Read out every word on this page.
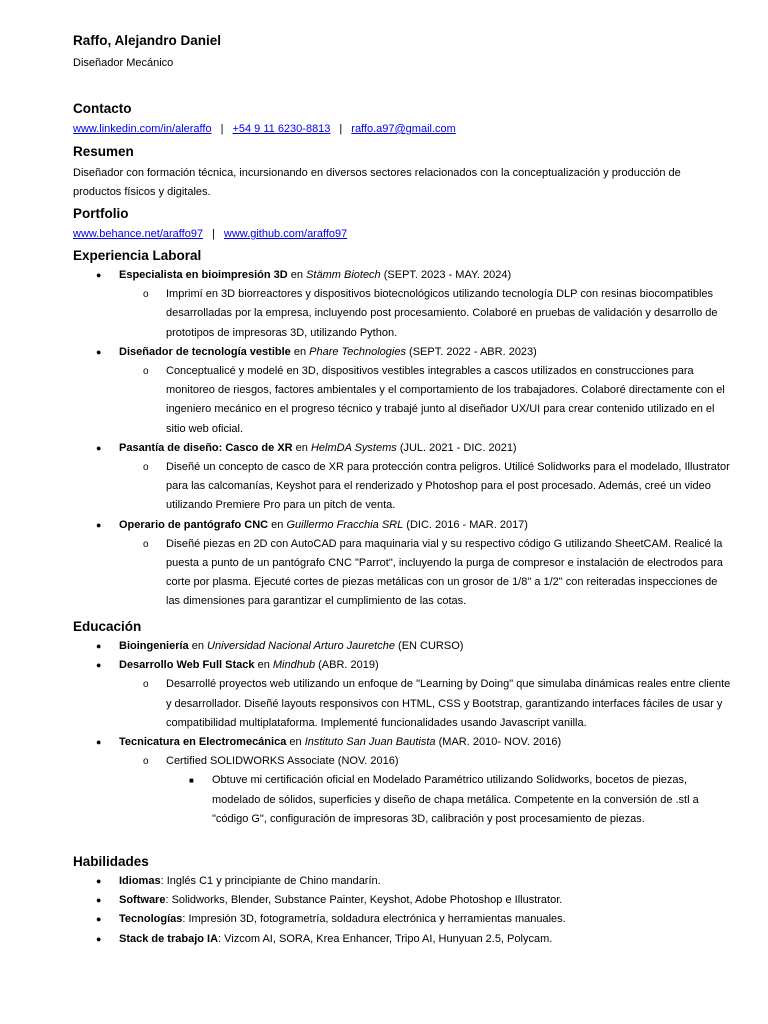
Raffo, Alejandro Daniel
Diseñador Mecánico
Contacto
www.linkedin.com/in/aleraffo | +54 9 11 6230-8813 | raffo.a97@gmail.com
Resumen
Diseñador con formación técnica, incursionando en diversos sectores relacionados con la conceptualización y producción de productos físicos y digitales.
Portfolio
www.behance.net/araffo97 | www.github.com/araffo97
Experiencia Laboral
● Especialista en bioimpresión 3D en Stämm Biotech (SEPT. 2023 - MAY. 2024)
o Imprimí en 3D biorreactores y dispositivos biotecnológicos utilizando tecnología DLP con resinas biocompatibles desarrolladas por la empresa, incluyendo post procesamiento. Colaboré en pruebas de validación y desarrollo de prototipos de impresoras 3D, utilizando Python.
● Diseñador de tecnología vestible en Phare Technologies (SEPT. 2022 - ABR. 2023)
o Conceptualicé y modelé en 3D, dispositivos vestibles integrables a cascos utilizados en construcciones para monitoreo de riesgos, factores ambientales y el comportamiento de los trabajadores. Colaboré directamente con el ingeniero mecánico en el progreso técnico y trabajé junto al diseñador UX/UI para crear contenido utilizado en el sitio web oficial.
● Pasantía de diseño: Casco de XR en HelmDA Systems (JUL. 2021 - DIC. 2021)
o Diseñé un concepto de casco de XR para protección contra peligros. Utilicé Solidworks para el modelado, Illustrator para las calcomanías, Keyshot para el renderizado y Photoshop para el post procesado. Además, creé un video utilizando Premiere Pro para un pitch de venta.
● Operario de pantógrafo CNC en Guillermo Fracchia SRL (DIC. 2016 - MAR. 2017)
o Diseñé piezas en 2D con AutoCAD para maquinaria vial y su respectivo código G utilizando SheetCAM. Realicé la puesta a punto de un pantógrafo CNC "Parrot", incluyendo la purga de compresor e instalación de electrodos para corte por plasma. Ejecuté cortes de piezas metálicas con un grosor de 1/8" a 1/2" con reiteradas inspecciones de las dimensiones para garantizar el cumplimiento de las cotas.
Educación
● Bioingeniería en Universidad Nacional Arturo Jauretche (EN CURSO)
● Desarrollo Web Full Stack en Mindhub (ABR. 2019)
o Desarrollé proyectos web utilizando un enfoque de "Learning by Doing" que simulaba dinámicas reales entre cliente y desarrollador. Diseñé layouts responsivos con HTML, CSS y Bootstrap, garantizando interfaces fáciles de usar y compatibilidad multiplataforma. Implementé funcionalidades usando Javascript vanilla.
● Tecnicatura en Electromecánica en Instituto San Juan Bautista (MAR. 2010- NOV. 2016)
o Certified SOLIDWORKS Associate (NOV. 2016)
■ Obtuve mi certificación oficial en Modelado Paramétrico utilizando Solidworks, bocetos de piezas, modelado de sólidos, superficies y diseño de chapa metálica. Competente en la conversión de .stl a "código G", configuración de impresoras 3D, calibración y post procesamiento de piezas.
Habilidades
● Idiomas: Inglés C1 y principiante de Chino mandarín.
● Software: Solidworks, Blender, Substance Painter, Keyshot, Adobe Photoshop e Illustrator.
● Tecnologías: Impresión 3D, fotogrametría, soldadura electrónica y herramientas manuales.
● Stack de trabajo IA: Vizcom AI, SORA, Krea Enhancer, Tripo AI, Hunyuan 2.5, Polycam.
